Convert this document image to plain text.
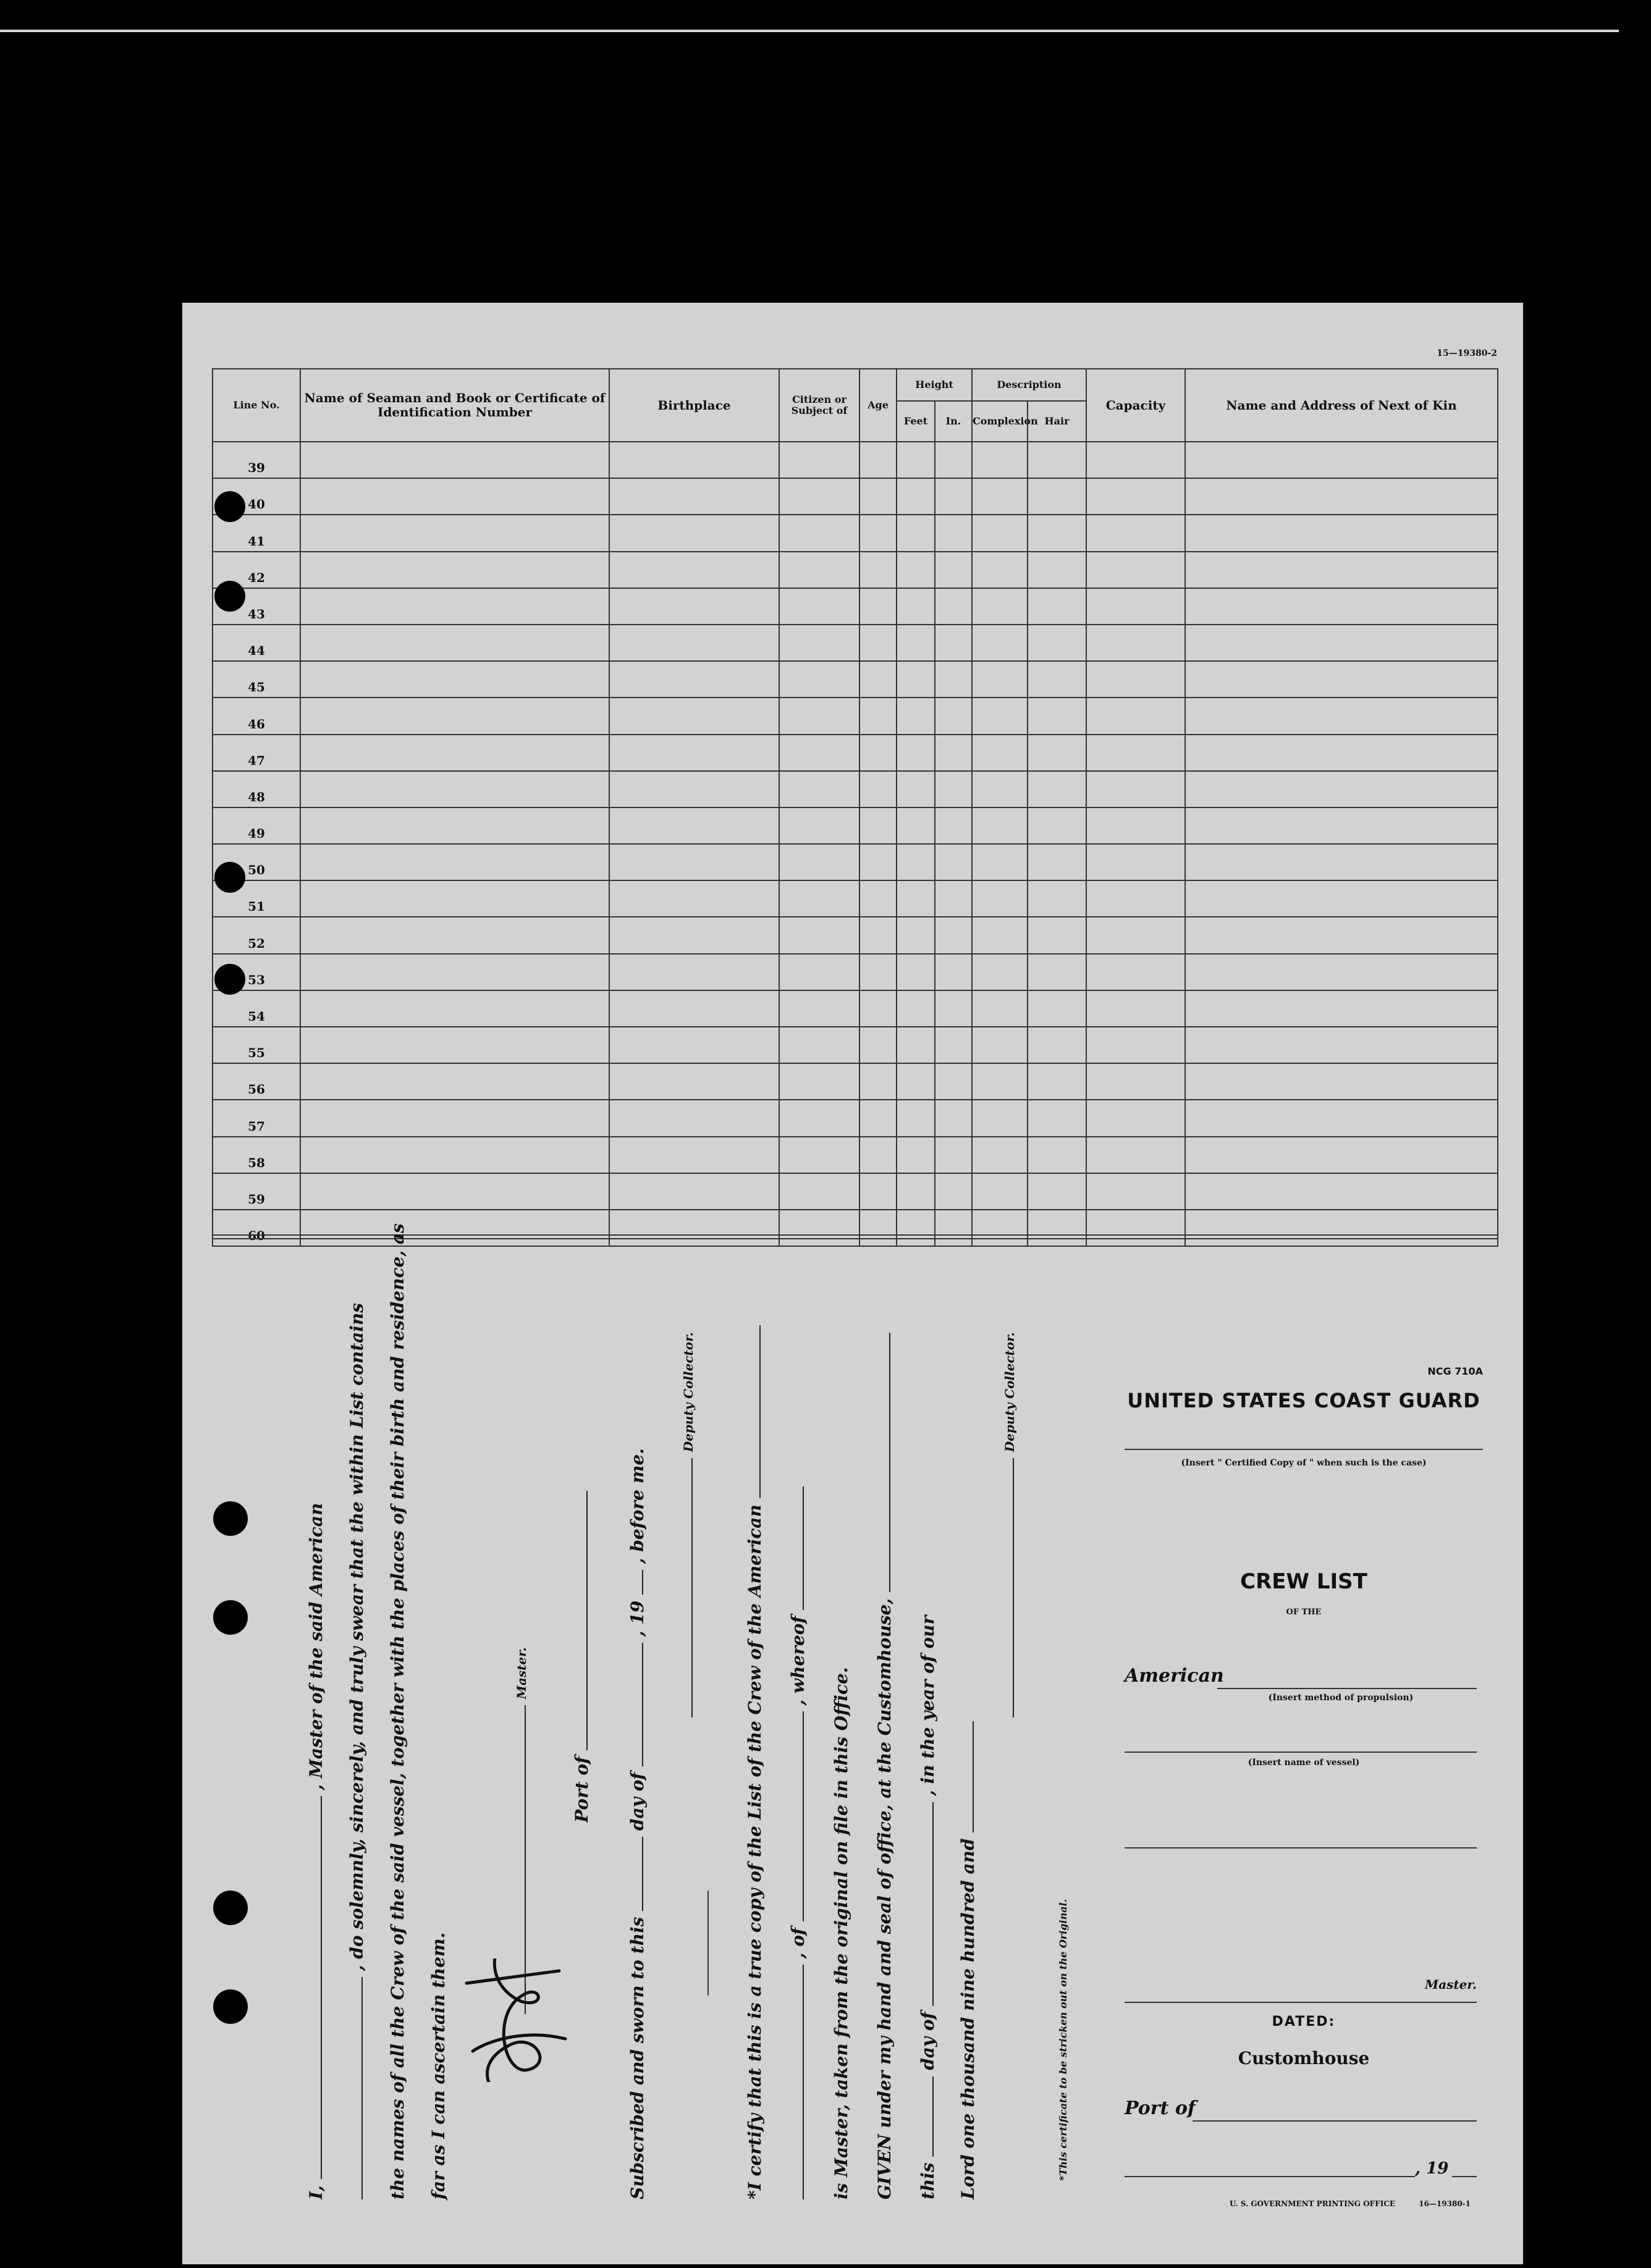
15—19380-2
Line No.	Name of Seaman and Book or Certificate of Identification Number	Birthplace	Citizen or Subject of	Age	Height		Description		Capacity	Name and Address of Next of Kin
					Feet	In.	Complexion	Hair		
39										
40										
41										
42										
43										
44										
45										
46										
47										
48										
49										
50										
51										
52										
53										
54										
55										
56										
57										
58										
59										
60										
I,  , Master of the said American , do solemnly, sincerely, and truly swear that the within List contains the names of all the Crew of the said vessel, together with the places of their birth and residence, as far as I can ascertain them.
Master.
Port of
Subscribed and sworn to this  day of  , 19  , before me.
Deputy Collector.
*I certify that this is a true copy of the List of the Crew of the American , of  , whereof
is Master, taken from the original on file in this Office. GIVEN under my hand and seal of office, at the Customhouse, this  day of  , in the year of our
Lord one thousand nine hundred and
Deputy Collector.
*This certificate to be stricken out on the Original.
NCG 710A
UNITED STATES COAST GUARD
(Insert " Certified Copy of " when such is the case)
CREW LIST
OF THE
American
(Insert method of propulsion)
(Insert name of vessel)
Master.
DATED:
Customhouse
Port of
, 19
U. S. GOVERNMENT PRINTING OFFICE	16—19380-1
